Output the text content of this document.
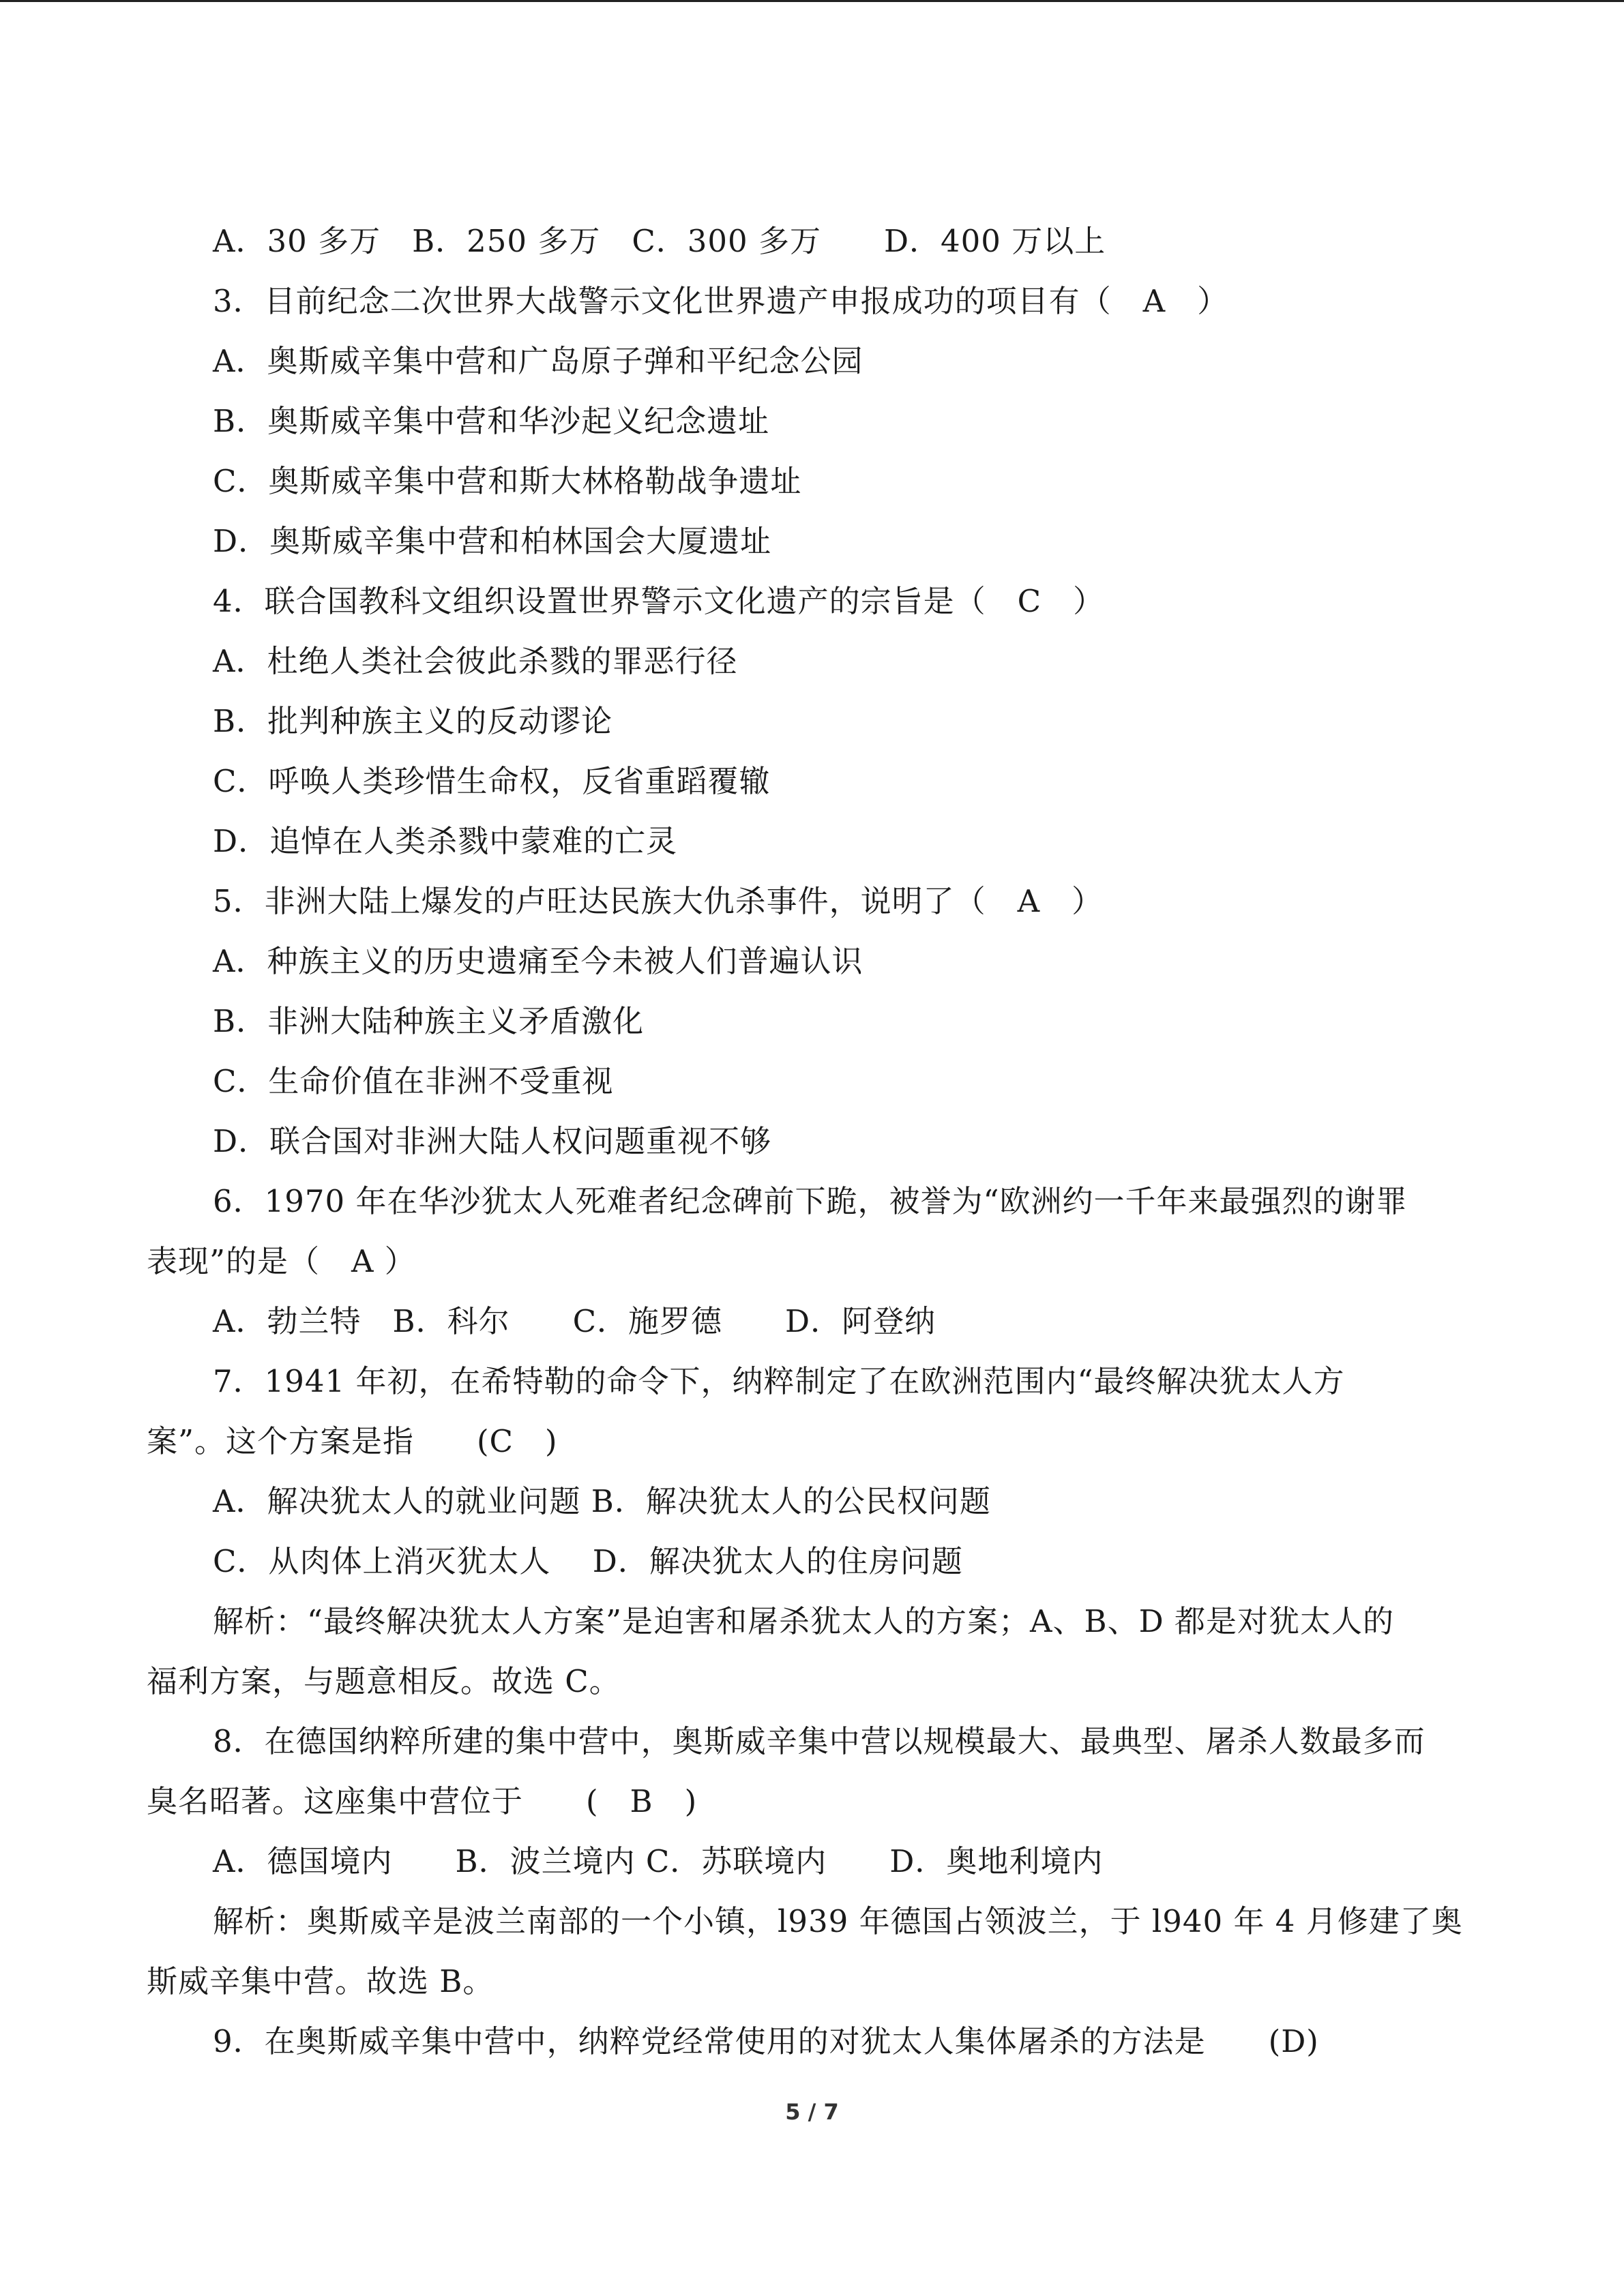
A．30 多万　B．250 多万　C．300 多万　　D．400 万以上
3．目前纪念二次世界大战警示文化世界遗产申报成功的项目有（　A　）
A．奥斯威辛集中营和广岛原子弹和平纪念公园
B．奥斯威辛集中营和华沙起义纪念遗址
C．奥斯威辛集中营和斯大林格勒战争遗址
D．奥斯威辛集中营和柏林国会大厦遗址
4．联合国教科文组织设置世界警示文化遗产的宗旨是（　C　）
A．杜绝人类社会彼此杀戮的罪恶行径
B．批判种族主义的反动谬论
C．呼唤人类珍惜生命权，反省重蹈覆辙
D．追悼在人类杀戮中蒙难的亡灵
5．非洲大陆上爆发的卢旺达民族大仇杀事件，说明了（　A　）
A．种族主义的历史遗痛至今未被人们普遍认识
B．非洲大陆种族主义矛盾激化
C．生命价值在非洲不受重视
D．联合国对非洲大陆人权问题重视不够
6．1970 年在华沙犹太人死难者纪念碑前下跪，被誉为“欧洲约一千年来最强烈的谢罪
表现”的是（　A ）
A．勃兰特　B．科尔　　C．施罗德　　D．阿登纳
7．1941 年初，在希特勒的命令下，纳粹制定了在欧洲范围内“最终解决犹太人方
案”。这个方案是指　　(C　)
A．解决犹太人的就业问题 B．解决犹太人的公民权问题
C．从肉体上消灭犹太人　 D．解决犹太人的住房问题
解析：“最终解决犹太人方案”是迫害和屠杀犹太人的方案；A、B、D 都是对犹太人的
福利方案，与题意相反。故选 C。
8．在德国纳粹所建的集中营中，奥斯威辛集中营以规模最大、最典型、屠杀人数最多而
臭名昭著。这座集中营位于　　(　B　)
A．德国境内　　B．波兰境内 C．苏联境内　　D．奥地利境内
解析：奥斯威辛是波兰南部的一个小镇，l939 年德国占领波兰，于 l940 年 4 月修建了奥
斯威辛集中营。故选 B。
9．在奥斯威辛集中营中，纳粹党经常使用的对犹太人集体屠杀的方法是　　(D)
5 / 7
